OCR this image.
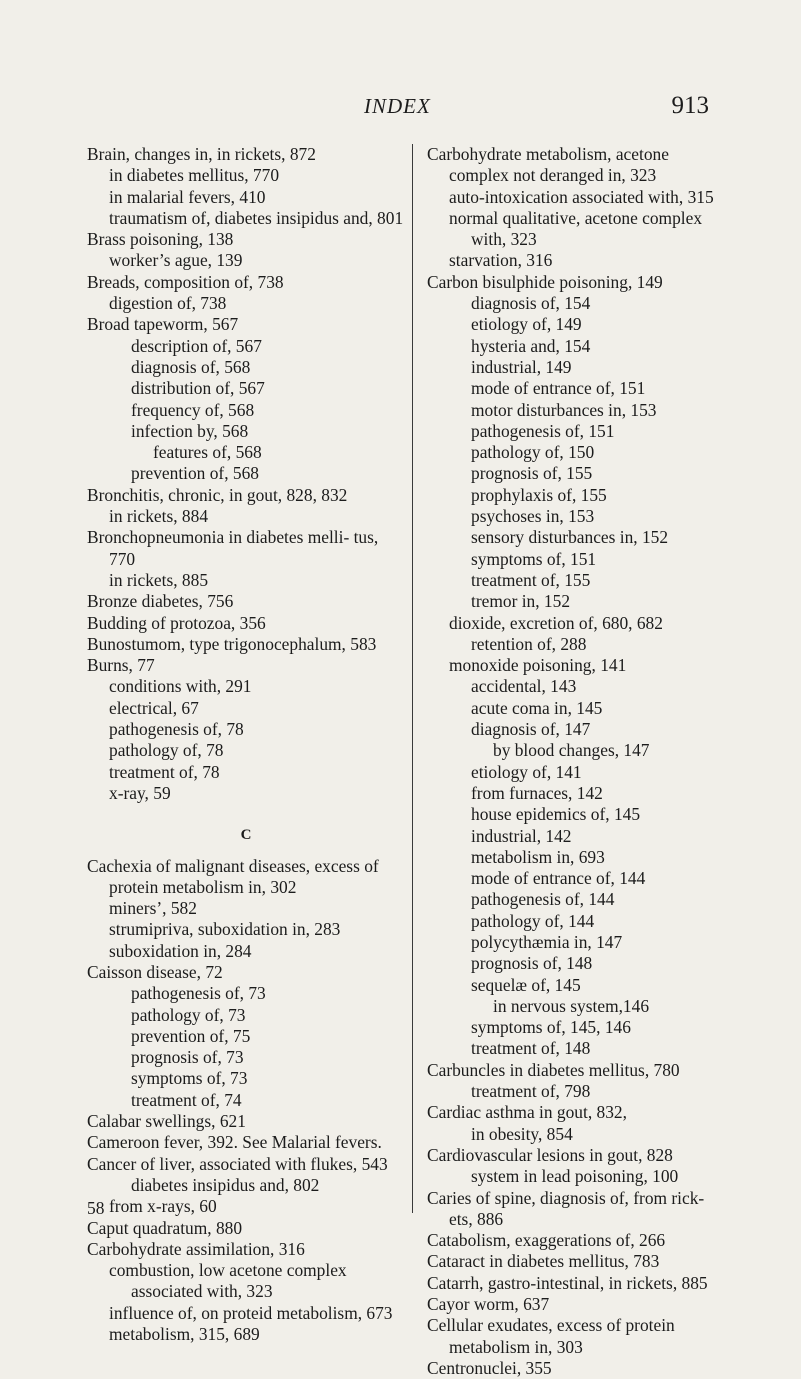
INDEX	913
Brain, changes in, in rickets, 872
in diabetes mellitus, 770
in malarial fevers, 410
traumatism of, diabetes insipidus and, 801
Brass poisoning, 138
worker’s ague, 139
Breads, composition of, 738
digestion of, 738
Broad tapeworm, 567
description of, 567
diagnosis of, 568
distribution of, 567
frequency of, 568
infection by, 568
features of, 568
prevention of, 568
Bronchitis, chronic, in gout, 828, 832
in rickets, 884
Bronchopneumonia in diabetes melli- tus, 770
in rickets, 885
Bronze diabetes, 756
Budding of protozoa, 356
Bunostumom, type trigonocephalum, 583
Burns, 77
conditions with, 291
electrical, 67
pathogenesis of, 78
pathology of, 78
treatment of, 78
x-ray, 59
C
Cachexia of malignant diseases, excess of protein metabolism in, 302
miners’, 582
strumipriva, suboxidation in, 283
suboxidation in, 284
Caisson disease, 72
pathogenesis of, 73
pathology of, 73
prevention of, 75
prognosis of, 73
symptoms of, 73
treatment of, 74
Calabar swellings, 621
Cameroon fever, 392. See Malarial fevers.
Cancer of liver, associated with flukes, 543
diabetes insipidus and, 802
from x-rays, 60
Caput quadratum, 880
Carbohydrate assimilation, 316
combustion, low acetone complex associated with, 323
influence of, on proteid metabolism, 673
metabolism, 315, 689
Carbohydrate metabolism, acetone complex not deranged in, 323
auto-intoxication associated with, 315
normal qualitative, acetone complex with, 323
starvation, 316
Carbon bisulphide poisoning, 149
diagnosis of, 154
etiology of, 149
hysteria and, 154
industrial, 149
mode of entrance of, 151
motor disturbances in, 153
pathogenesis of, 151
pathology of, 150
prognosis of, 155
prophylaxis of, 155
psychoses in, 153
sensory disturbances in, 152
symptoms of, 151
treatment of, 155
tremor in, 152
dioxide, excretion of, 680, 682
retention of, 288
monoxide poisoning, 141
accidental, 143
acute coma in, 145
diagnosis of, 147
by blood changes, 147
etiology of, 141
from furnaces, 142
house epidemics of, 145
industrial, 142
metabolism in, 693
mode of entrance of, 144
pathogenesis of, 144
pathology of, 144
polycythæmia in, 147
prognosis of, 148
sequelæ of, 145
in nervous system,146
symptoms of, 145, 146
treatment of, 148
Carbuncles in diabetes mellitus, 780
treatment of, 798
Cardiac asthma in gout, 832,
in obesity, 854
Cardiovascular lesions in gout, 828
system in lead poisoning, 100
Caries of spine, diagnosis of, from rick- ets, 886
Catabolism, exaggerations of, 266
Cataract in diabetes mellitus, 783
Catarrh, gastro-intestinal, in rickets, 885
Cayor worm, 637
Cellular exudates, excess of protein metabolism in, 303
Centronuclei, 355
58
